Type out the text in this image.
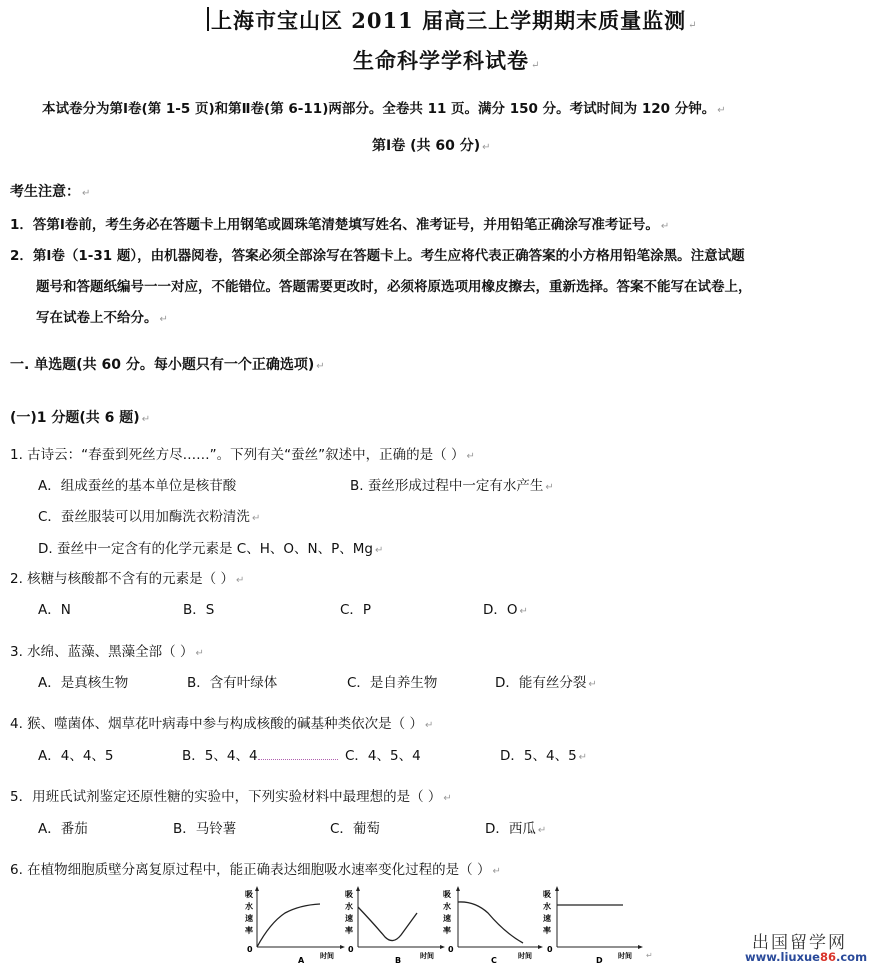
上海市宝山区 2011 届高三上学期期末质量监测 ↵
生命科学学科试卷 ↵
本试卷分为第Ⅰ卷(第 1-5 页)和第Ⅱ卷(第 6-11)两部分。全卷共 11 页。满分 150 分。考试时间为 120 分钟。 ↵
第Ⅰ卷 (共 60 分) ↵
考生注意： ↵
1．答第Ⅰ卷前，考生务必在答题卡上用钢笔或圆珠笔清楚填写姓名、准考证号，并用铅笔正确涂写准考证号。 ↵
2．第Ⅰ卷（1-31 题），由机器阅卷，答案必须全部涂写在答题卡上。考生应将代表正确答案的小方格用铅笔涂黑。注意试题
题号和答题纸编号一一对应，不能错位。答题需要更改时，必须将原选项用橡皮擦去，重新选择。答案不能写在试卷上，
写在试卷上不给分。 ↵
一. 单选题(共 60 分。每小题只有一个正确选项) ↵
(一)1 分题(共 6 题) ↵
1. 古诗云：“春蚕到死丝方尽……”。下列有关“蚕丝”叙述中，正确的是（ ） ↵
A．组成蚕丝的基本单位是核苷酸	B. 蚕丝形成过程中一定有水产生 ↵
C．蚕丝服装可以用加酶洗衣粉清洗 ↵
D. 蚕丝中一定含有的化学元素是 C、H、O、N、P、Mg ↵
2. 核糖与核酸都不含有的元素是（ ） ↵
A．N	B．S	C．P	D．O ↵
3. 水绵、蓝藻、黑藻全部（ ） ↵
A．是真核生物	B．含有叶绿体	C．是自养生物	D．能有丝分裂 ↵
4. 猴、噬菌体、烟草花叶病毒中参与构成核酸的碱基种类依次是（ ） ↵
A．4、4、5	B．5、4、4	C．4、5、4	D．5、4、5 ↵
5．用班氏试剂鉴定还原性糖的实验中，下列实验材料中最理想的是（ ） ↵
A．番茄	B．马铃薯	C．葡萄	D．西瓜 ↵
6. 在植物细胞质壁分离复原过程中，能正确表达细胞吸水速率变化过程的是（ ） ↵
吸
水
速
率
0
时间
A
吸
水
速
率
0
时间
B
吸
水
速
率
0
时间
C
吸
水
速
率
0
时间
D
↵
出国留学网
www.liuxue86.com
